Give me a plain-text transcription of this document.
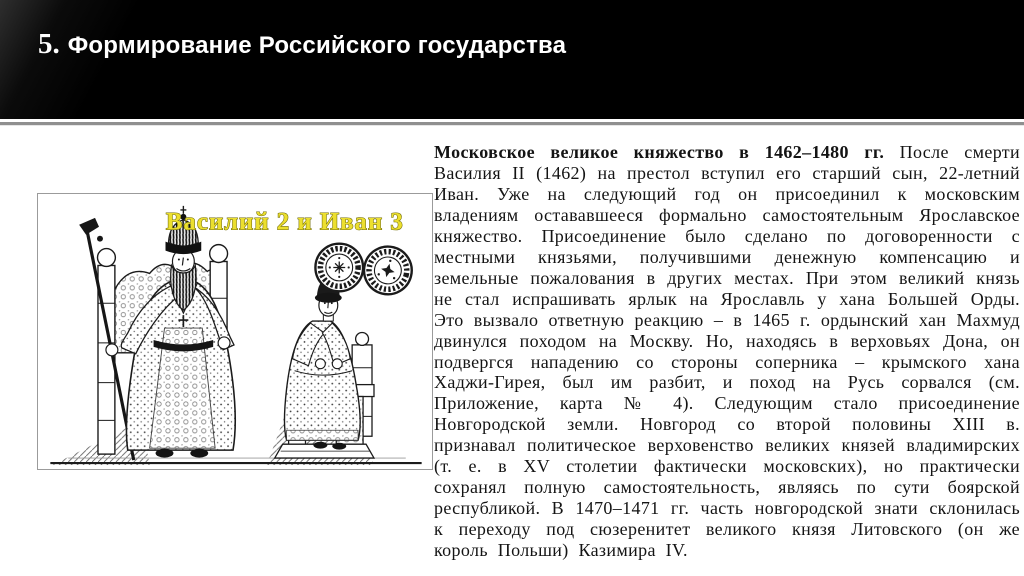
5. Формирование Российского государства
Василий 2 и Иван 3

Московское великое княжество в 1462–1480 гг. После смерти Василия II (1462) на престол вступил его старший сын, 22-летний Иван. Уже на следующий год он присоединил к московским владениям остававшееся формально самостоятельным Ярославское княжество. Присоединение было сделано по договоренности с местными князьями, получившими денежную компенсацию и земельные пожалования в других местах. При этом великий князь не стал испрашивать ярлык на Ярославль у хана Большей Орды. Это вызвало ответную реакцию – в 1465 г. ордынский хан Махмуд двинулся походом на Москву. Но, находясь в верховьях Дона, он подвергся нападению со стороны соперника – крымского хана Хаджи-Гирея, был им разбит, и поход на Русь сорвался (см. Приложение, карта № 4). Следующим стало присоединение Новгородской земли. Новгород со второй половины XIII в. признавал политическое верховенство великих князей владимирских (т. е. в XV столетии фактически московских), но практически сохранял полную самостоятельность, являясь по сути боярской республикой. В 1470–1471 гг. часть новгородской знати склонилась к переходу под сюзеренитет великого князя Литовского (он же король Польши) Казимира IV.
